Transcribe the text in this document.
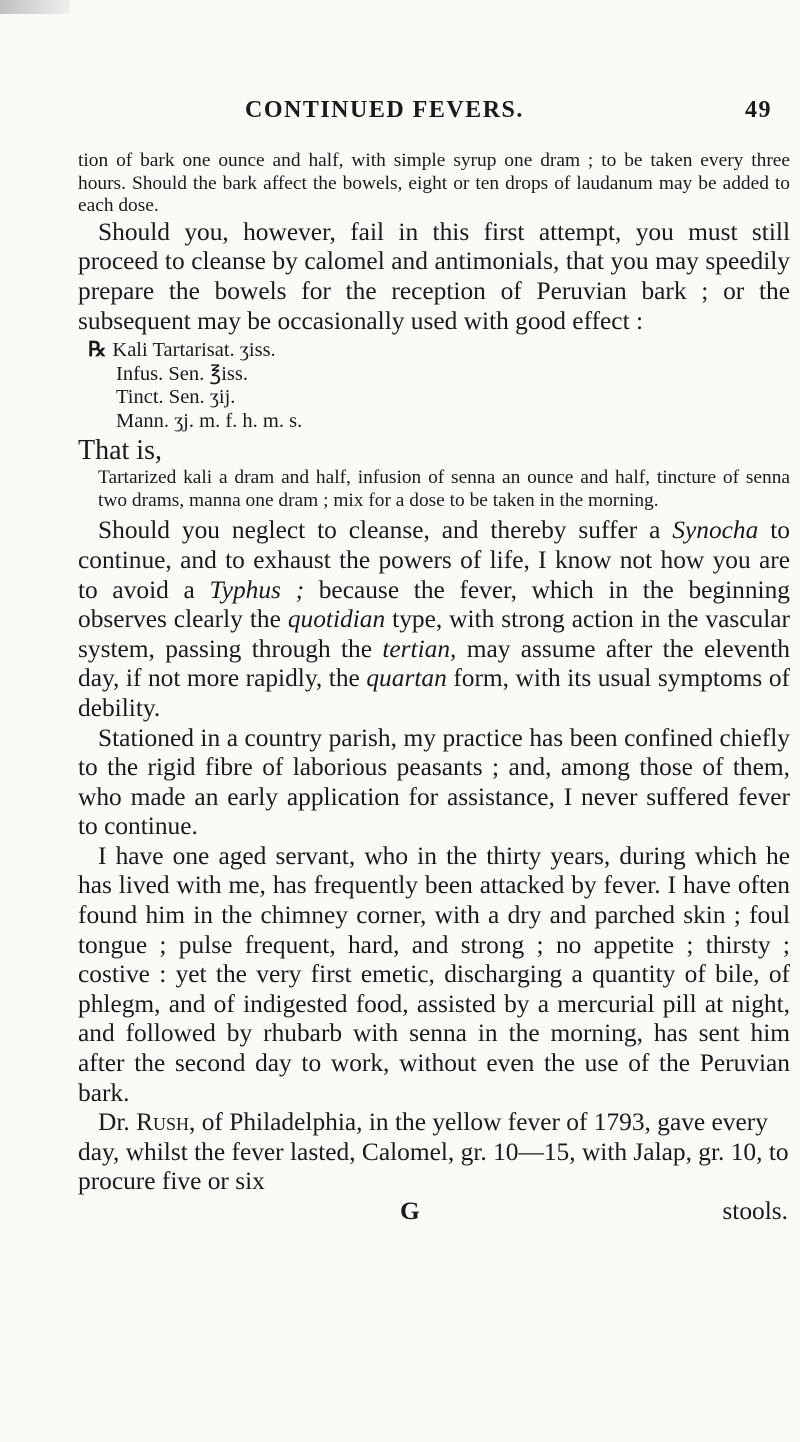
CONTINUED FEVERS.	49

tion of bark one ounce and half, with simple syrup one dram ; to be taken every three hours. Should the bark affect the bowels, eight or ten drops of laudanum may be added to each dose.

Should you, however, fail in this first attempt, you must still proceed to cleanse by calomel and antimonials, that you may speedily prepare the bowels for the reception of Peruvian bark ; or the subsequent may be occasionally used with good effect :

℞ Kali Tartarisat. ʒiss.
Infus. Sen. ℥iss.
Tinct. Sen. ʒij.
Mann. ʒj. m. f. h. m. s.

That is,

Tartarized kali a dram and half, infusion of senna an ounce and half, tincture of senna two drams, manna one dram ; mix for a dose to be taken in the morning.

Should you neglect to cleanse, and thereby suffer a Synocha to continue, and to exhaust the powers of life, I know not how you are to avoid a Typhus ; because the fever, which in the beginning observes clearly the quotidian type, with strong action in the vascular system, passing through the tertian, may assume after the eleventh day, if not more rapidly, the quartan form, with its usual symptoms of debility.

Stationed in a country parish, my practice has been confined chiefly to the rigid fibre of laborious peasants ; and, among those of them, who made an early application for assistance, I never suffered fever to continue.

I have one aged servant, who in the thirty years, during which he has lived with me, has frequently been attacked by fever. I have often found him in the chimney corner, with a dry and parched skin ; foul tongue ; pulse frequent, hard, and strong ; no appetite ; thirsty ; costive : yet the very first emetic, discharging a quantity of bile, of phlegm, and of indigested food, assisted by a mercurial pill at night, and followed by rhubarb with senna in the morning, has sent him after the second day to work, without even the use of the Peruvian bark.

Dr. Rush, of Philadelphia, in the yellow fever of 1793, gave every day, whilst the fever lasted, Calomel, gr. 10—15, with Jalap, gr. 10, to procure five or six

G	stools.
